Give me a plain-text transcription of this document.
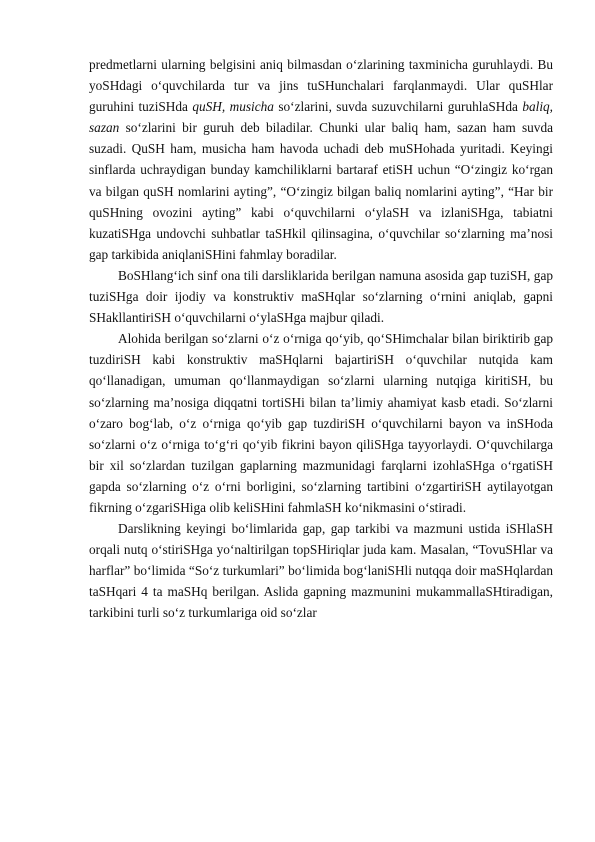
predmetlarni ularning belgisini aniq bilmasdan o‘zlarining taxminicha guruhlaydi. Bu yoSHdagi o‘quvchilarda tur va jins tuSHunchalari farqlanmaydi. Ular quSHlar guruhini tuziSHda quSH, musicha so‘zlarini, suvda suzuvchilarni guruhlaSHda baliq, sazan so‘zlarini bir guruh deb biladilar. Chunki ular baliq ham, sazan ham suvda suzadi. QuSH ham, musicha ham havoda uchadi deb muSHohada yuritadi. Keyingi sinflarda uchraydigan bunday kamchiliklarni bartaraf etiSH uchun “O‘zingiz ko‘rgan va bilgan quSH nomlarini ayting”, “O‘zingiz bilgan baliq nomlarini ayting”, “Har bir quSHning ovozini ayting” kabi o‘quvchilarni o‘ylaSH va izlaniSHga, tabiatni kuzatiSHga undovchi suhbatlar taSHkil qilinsagina, o‘quvchilar so‘zlarning ma’nosi gap tarkibida aniqlaniSHini fahmlay boradilar.

BoSHlang‘ich sinf ona tili darsliklarida berilgan namuna asosida gap tuziSH, gap tuziSHga doir ijodiy va konstruktiv maSHqlar so‘zlarning o‘rnini aniqlab, gapni SHakllantiriSH o‘quvchilarni o‘ylaSHga majbur qiladi.

Alohida berilgan so‘zlarni o‘z o‘rniga qo‘yib, qo‘SHimchalar bilan biriktirib gap tuzdiriSH kabi konstruktiv maSHqlarni bajartiriSH o‘quvchilar nutqida kam qo‘llanadigan, umuman qo‘llanmaydigan so‘zlarni ularning nutqiga kiritiSH, bu so‘zlarning ma’nosiga diqqatni tortiSHi bilan ta’limiy ahamiyat kasb etadi. So‘zlarni o‘zaro bog‘lab, o‘z o‘rniga qo‘yib gap tuzdiriSH o‘quvchilarni bayon va inSHoda so‘zlarni o‘z o‘rniga to‘g‘ri qo‘yib fikrini bayon qiliSHga tayyorlaydi. O‘quvchilarga bir xil so‘zlardan tuzilgan gaplarning mazmunidagi farqlarni izohlaSHga o‘rgatiSH gapda so‘zlarning o‘z o‘rni borligini, so‘zlarning tartibini o‘zgartiriSH aytilayotgan fikrning o‘zgariSHiga olib keliSHini fahmlaSH ko‘nikmasini o‘stiradi.

Darslikning keyingi bo‘limlarida gap, gap tarkibi va mazmuni ustida iSHlaSH orqali nutq o‘stiriSHga yo‘naltirilgan topSHiriqlar juda kam. Masalan, “TovuSHlar va harflar” bo‘limida “So‘z turkumlari” bo‘limida bog‘laniSHli nutqqa doir maSHqlardan taSHqari 4 ta maSHq berilgan. Aslida gapning mazmunini mukammallaSHtiradigan, tarkibini turli so‘z turkumlariga oid so‘zlar
